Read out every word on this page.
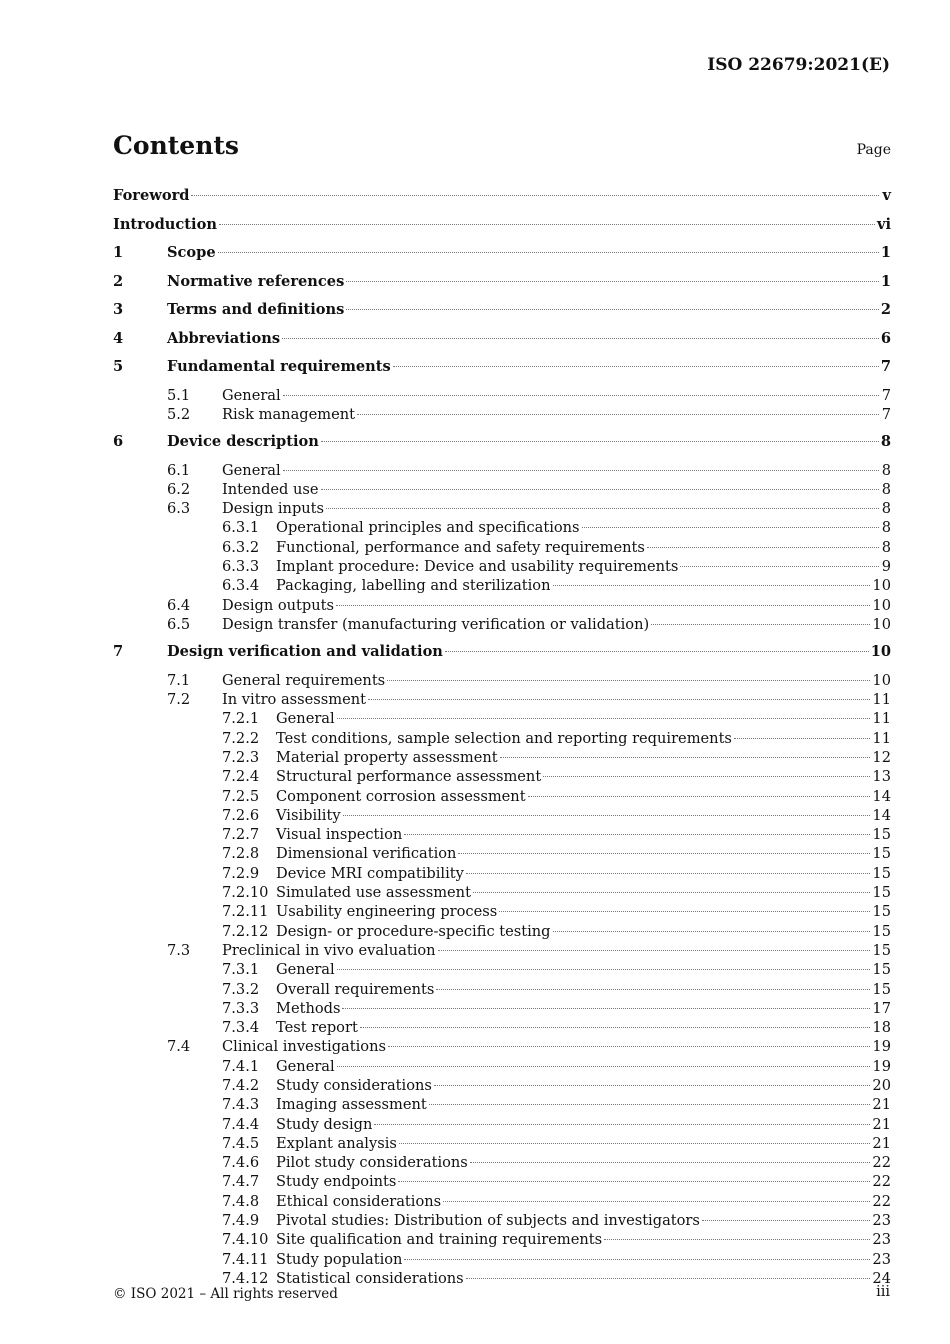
ISO 22679:2021(E)
Contents	Page
Foreword	v
Introduction	vi
1	Scope	1
2	Normative references	1
3	Terms and definitions	2
4	Abbreviations	6
5	Fundamental requirements	7
5.1 General	7
5.2 Risk management	7
6	Device description	8
6.1 General	8
6.2 Intended use	8
6.3 Design inputs	8
6.3.1 Operational principles and specifications	8
6.3.2 Functional, performance and safety requirements	8
6.3.3 Implant procedure: Device and usability requirements	9
6.3.4 Packaging, labelling and sterilization	10
6.4 Design outputs	10
6.5 Design transfer (manufacturing verification or validation)	10
7	Design verification and validation	10
7.1 General requirements	10
7.2 In vitro assessment	11
7.2.1 General	11
7.2.2 Test conditions, sample selection and reporting requirements	11
7.2.3 Material property assessment	12
7.2.4 Structural performance assessment	13
7.2.5 Component corrosion assessment	14
7.2.6 Visibility	14
7.2.7 Visual inspection	15
7.2.8 Dimensional verification	15
7.2.9 Device MRI compatibility	15
7.2.10 Simulated use assessment	15
7.2.11 Usability engineering process	15
7.2.12 Design- or procedure-specific testing	15
7.3 Preclinical in vivo evaluation	15
7.3.1 General	15
7.3.2 Overall requirements	15
7.3.3 Methods	17
7.3.4 Test report	18
7.4 Clinical investigations	19
7.4.1 General	19
7.4.2 Study considerations	20
7.4.3 Imaging assessment	21
7.4.4 Study design	21
7.4.5 Explant analysis	21
7.4.6 Pilot study considerations	22
7.4.7 Study endpoints	22
7.4.8 Ethical considerations	22
7.4.9 Pivotal studies: Distribution of subjects and investigators	23
7.4.10 Site qualification and training requirements	23
7.4.11 Study population	23
7.4.12 Statistical considerations	24
© ISO 2021 – All rights reserved	iii
